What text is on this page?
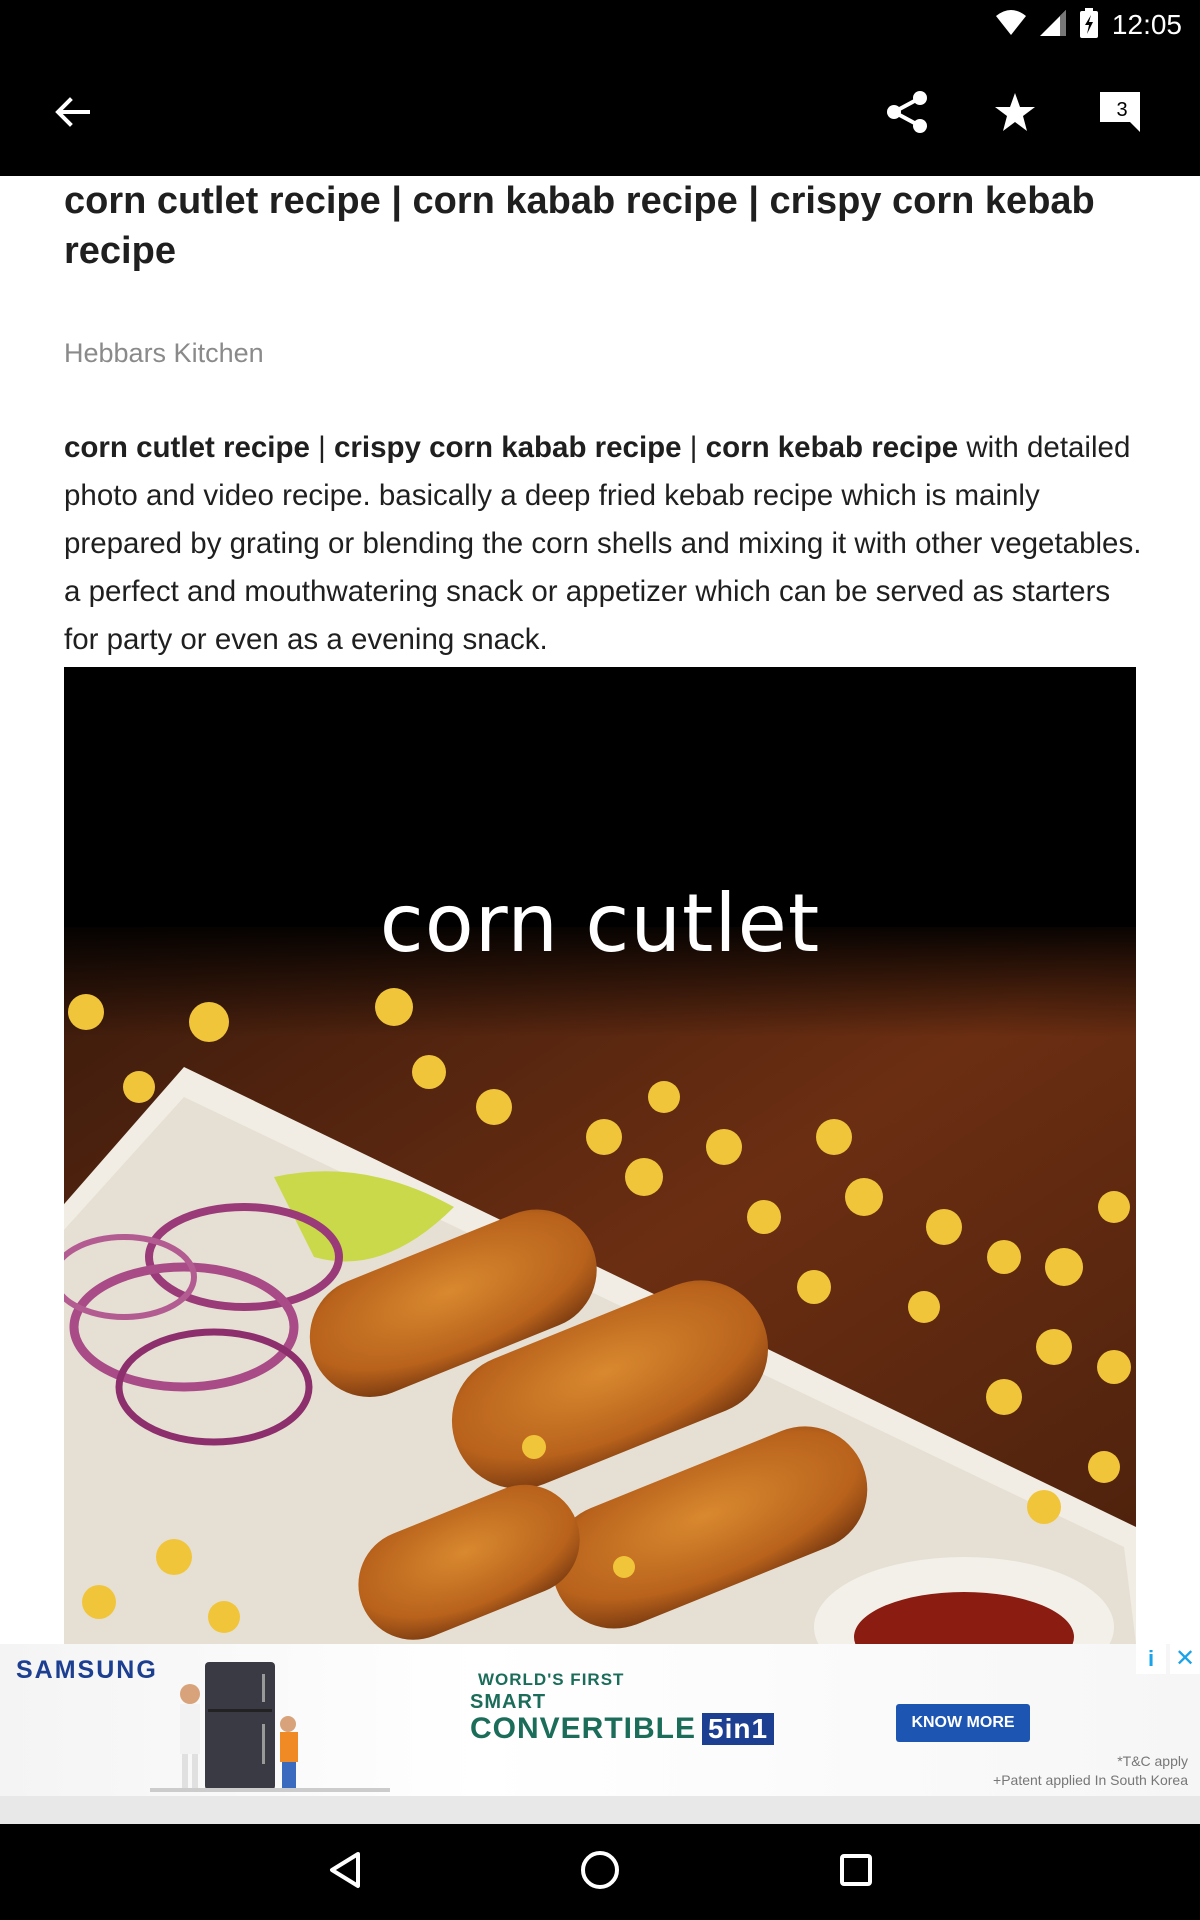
12:05
3
corn cutlet recipe | corn kabab recipe | crispy corn kebab recipe
Hebbars Kitchen

corn cutlet recipe | crispy corn kabab recipe | corn kebab recipe with detailed photo and video recipe. basically a deep fried kebab recipe which is mainly prepared by grating or blending the corn shells and mixing it with other vegetables. a perfect and mouthwatering snack or appetizer which can be served as starters for party or even as a evening snack.

corn cutlet
SAMSUNG	WORLD'S FIRST
SMART
CONVERTIBLE 5in1	KNOW MORE
*T&C apply
+Patent applied In South Korea
i ✕
